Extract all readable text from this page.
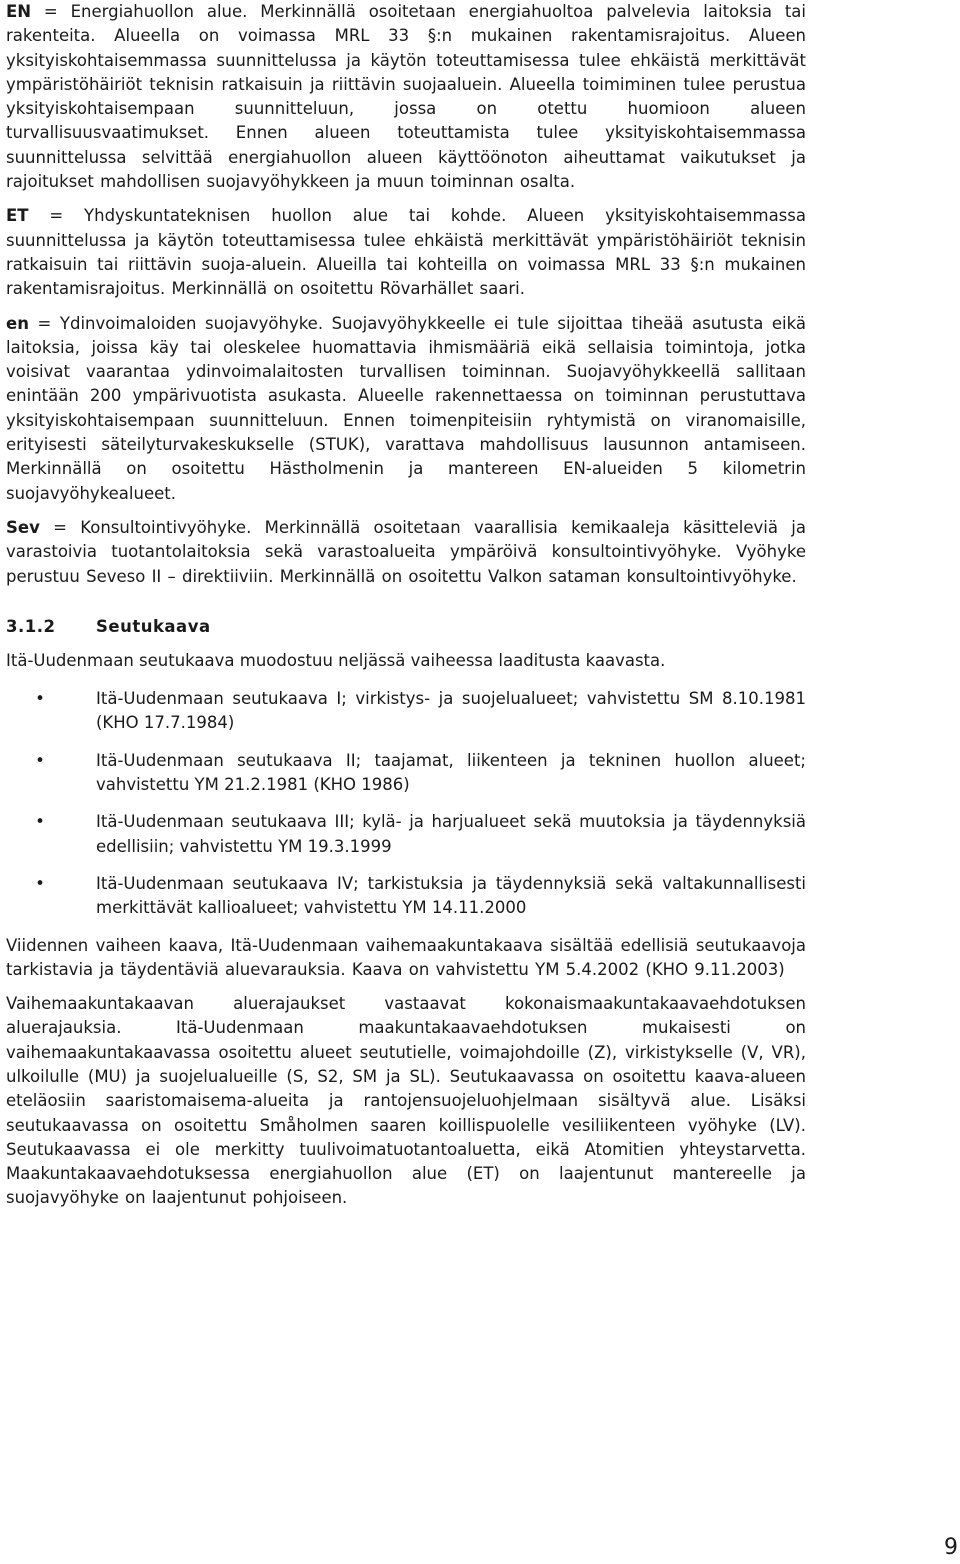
EN = Energiahuollon alue. Merkinnällä osoitetaan energiahuoltoa palvelevia laitoksia tai rakenteita. Alueella on voimassa MRL 33 §:n mukainen rakentamisrajoitus. Alueen yksityiskohtaisemmassa suunnittelussa ja käytön toteuttamisessa tulee ehkäistä merkittävät ympäristöhäiriöt teknisin ratkaisuin ja riittävin suojaaluein. Alueella toimiminen tulee perustua yksityiskohtaisempaan suunnitteluun, jossa on otettu huomioon alueen turvallisuusvaatimukset. Ennen alueen toteuttamista tulee yksityiskohtaisemmassa suunnittelussa selvittää energiahuollon alueen käyttöönoton aiheuttamat vaikutukset ja rajoitukset mahdollisen suojavyöhykkeen ja muun toiminnan osalta.

ET = Yhdyskuntateknisen huollon alue tai kohde. Alueen yksityiskohtaisemmassa suunnittelussa ja käytön toteuttamisessa tulee ehkäistä merkittävät ympäristöhäiriöt teknisin ratkaisuin tai riittävin suoja-aluein. Alueilla tai kohteilla on voimassa MRL 33 §:n mukainen rakentamisrajoitus. Merkinnällä on osoitettu Rövarhället saari.

en = Ydinvoimaloiden suojavyöhyke. Suojavyöhykkeelle ei tule sijoittaa tiheää asutusta eikä laitoksia, joissa käy tai oleskelee huomattavia ihmismääriä eikä sellaisia toimintoja, jotka voisivat vaarantaa ydinvoimalaitosten turvallisen toiminnan. Suojavyöhykkeellä sallitaan enintään 200 ympärivuotista asukasta. Alueelle rakennettaessa on toiminnan perustuttava yksityiskohtaisempaan suunnitteluun. Ennen toimenpiteisiin ryhtymistä on viranomaisille, erityisesti säteilyturvakeskukselle (STUK), varattava mahdollisuus lausunnon antamiseen. Merkinnällä on osoitettu Hästholmenin ja mantereen EN-alueiden 5 kilometrin suojavyöhykealueet.

Sev = Konsultointivyöhyke. Merkinnällä osoitetaan vaarallisia kemikaaleja käsitteleviä ja varastoivia tuotantolaitoksia sekä varastoalueita ympäröivä konsultointivyöhyke. Vyöhyke perustuu Seveso II – direktiiviin. Merkinnällä on osoitettu Valkon sataman konsultointivyöhyke.

3.1.2 Seutukaava

Itä-Uudenmaan seutukaava muodostuu neljässä vaiheessa laaditusta kaavasta.

•	Itä-Uudenmaan seutukaava I; virkistys- ja suojelualueet; vahvistettu SM 8.10.1981 (KHO 17.7.1984)
•	Itä-Uudenmaan seutukaava II; taajamat, liikenteen ja tekninen huollon alueet; vahvistettu YM 21.2.1981 (KHO 1986)
•	Itä-Uudenmaan seutukaava III; kylä- ja harjualueet sekä muutoksia ja täydennyksiä edellisiin; vahvistettu YM 19.3.1999
•	Itä-Uudenmaan seutukaava IV; tarkistuksia ja täydennyksiä sekä valtakunnallisesti merkittävät kallioalueet; vahvistettu YM 14.11.2000

Viidennen vaiheen kaava, Itä-Uudenmaan vaihemaakuntakaava sisältää edellisiä seutukaavoja tarkistavia ja täydentäviä aluevarauksia. Kaava on vahvistettu YM 5.4.2002 (KHO 9.11.2003)

Vaihemaakuntakaavan aluerajaukset vastaavat kokonaismaakuntakaavaehdotuksen aluerajauksia. Itä-Uudenmaan maakuntakaavaehdotuksen mukaisesti on vaihemaakuntakaavassa osoitettu alueet seututielle, voimajohdoille (Z), virkistykselle (V, VR), ulkoilulle (MU) ja suojelualueille (S, S2, SM ja SL). Seutukaavassa on osoitettu kaava-alueen eteläosiin saaristomaisema-alueita ja rantojensuojeluohjelmaan sisältyvä alue. Lisäksi seutukaavassa on osoitettu Småholmen saaren koillispuolelle vesiliikenteen vyöhyke (LV). Seutukaavassa ei ole merkitty tuulivoimatuotantoaluetta, eikä Atomitien yhteystarvetta. Maakuntakaavaehdotuksessa energiahuollon alue (ET) on laajentunut mantereelle ja suojavyöhyke on laajentunut pohjoiseen.

9
